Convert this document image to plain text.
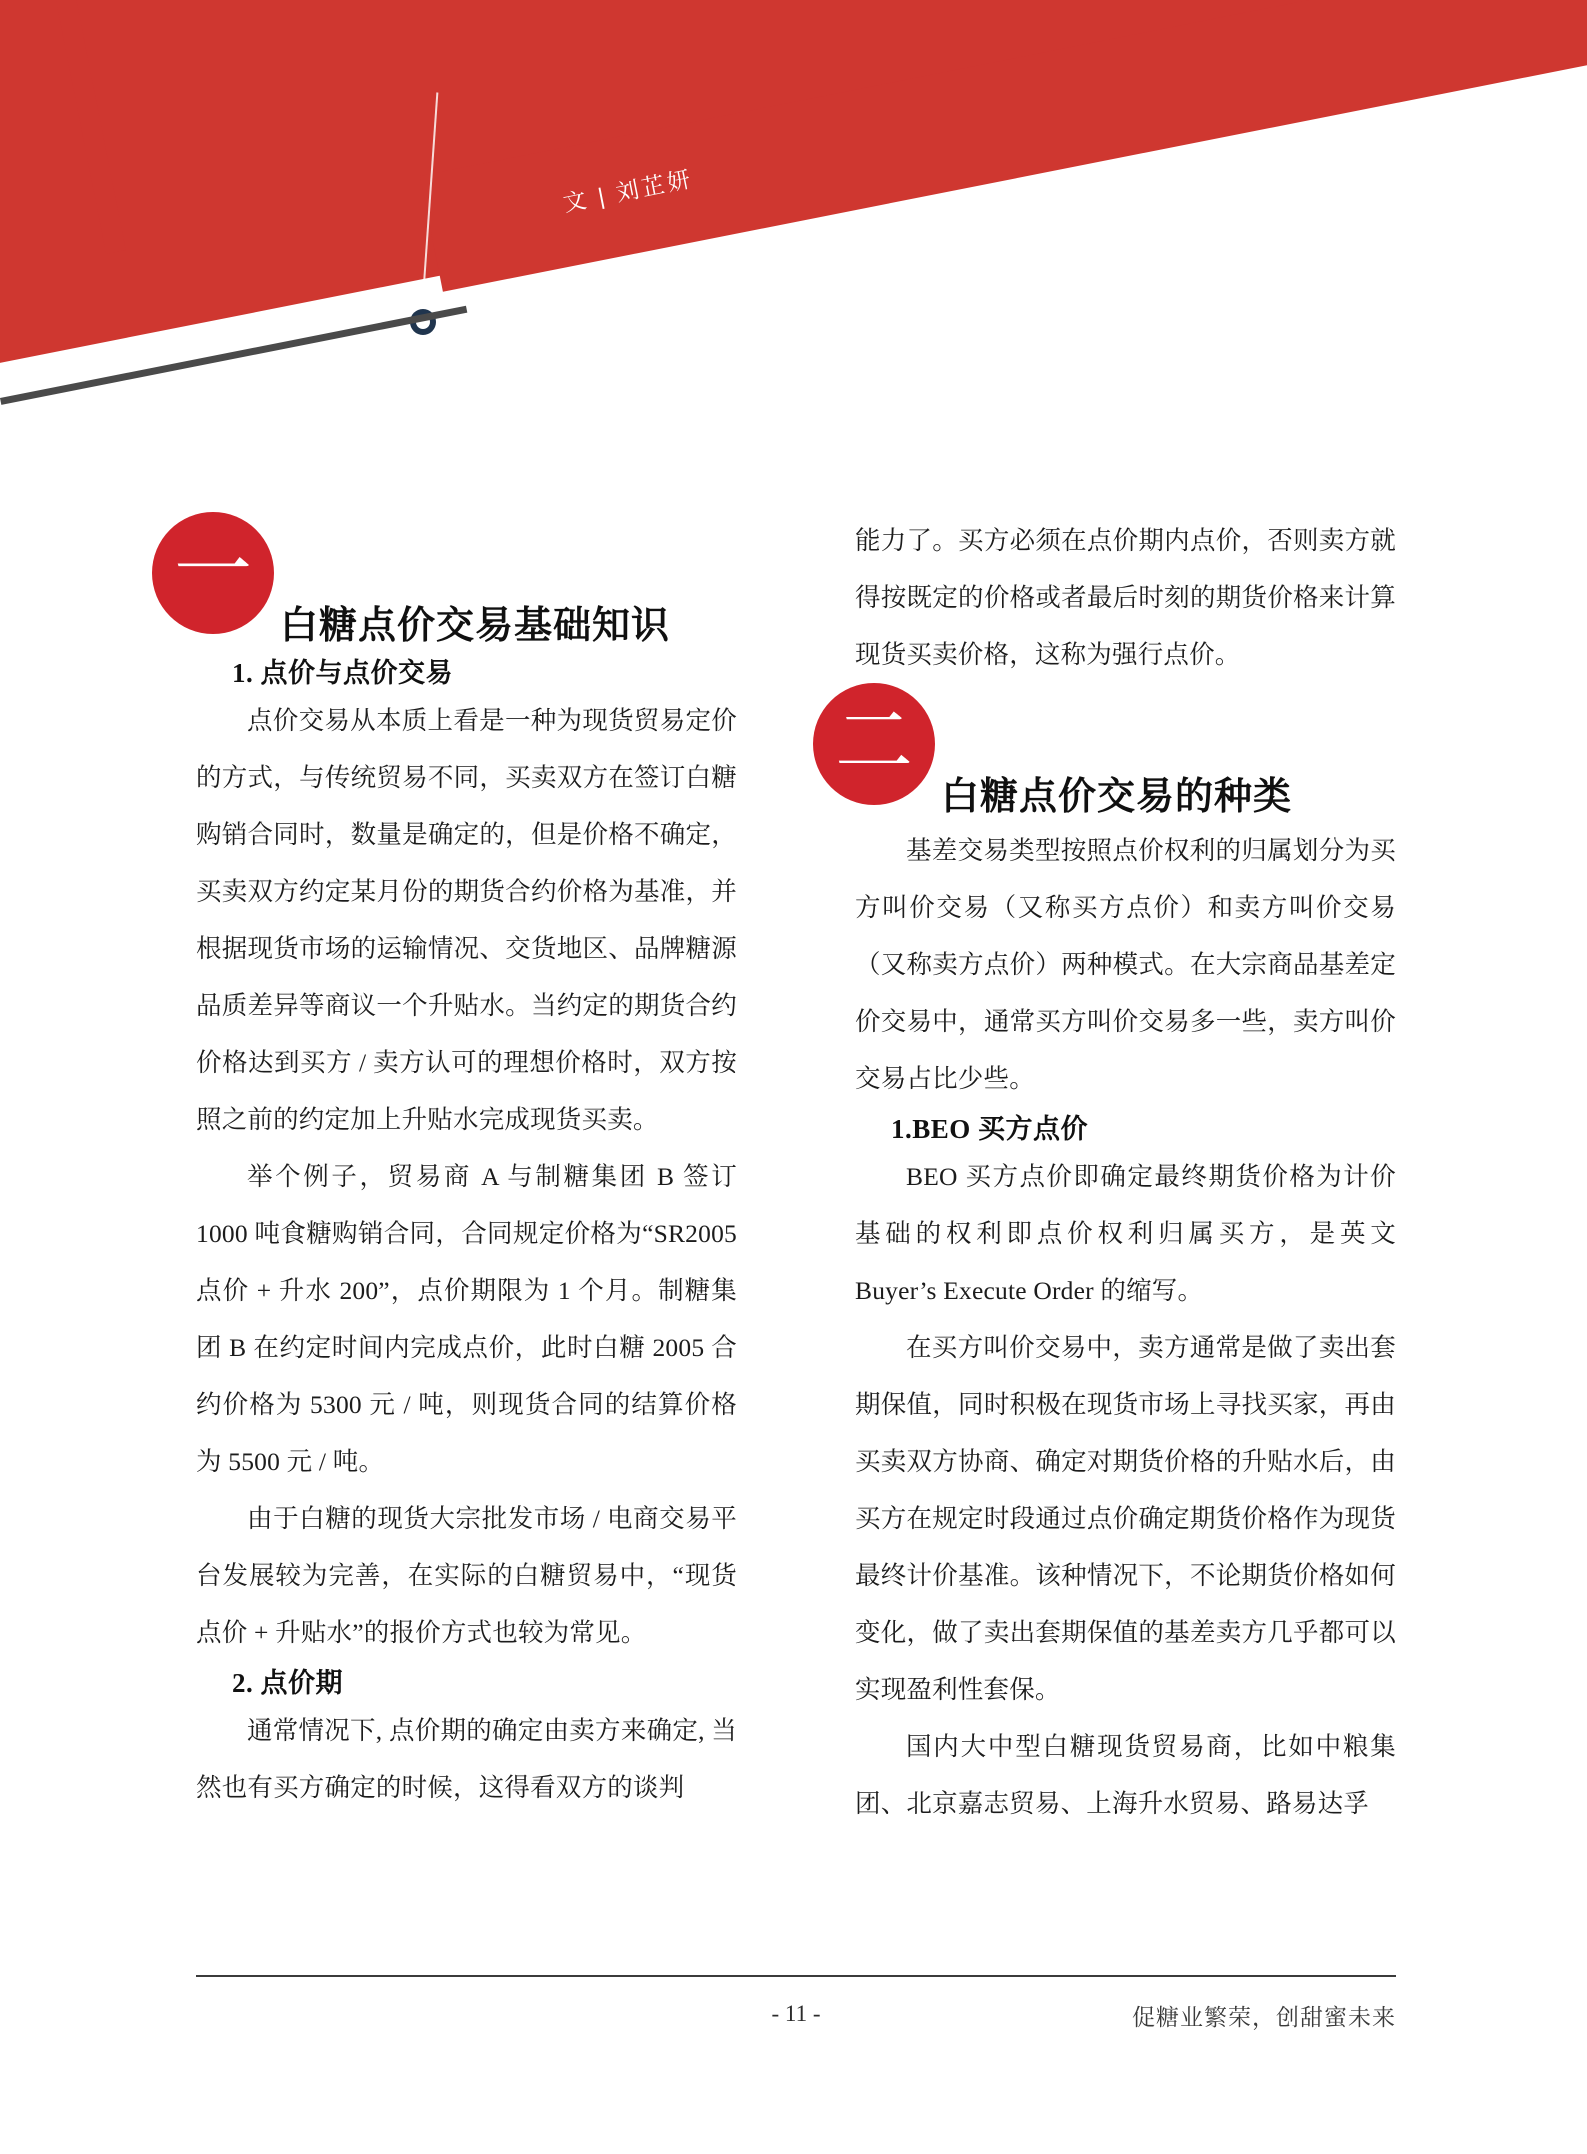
文 | 刘芷妍
一
白糖点价交易基础知识
1. 点价与点价交易

点价交易从本质上看是一种为现货贸易定价的方式，与传统贸易不同，买卖双方在签订白糖购销合同时，数量是确定的，但是价格不确定，买卖双方约定某月份的期货合约价格为基准，并根据现货市场的运输情况、交货地区、品牌糖源品质差异等商议一个升贴水。当约定的期货合约价格达到买方 / 卖方认可的理想价格时，双方按照之前的约定加上升贴水完成现货买卖。

举个例子，贸易商 A 与制糖集团 B 签订 1000 吨食糖购销合同，合同规定价格为“SR2005 点价 + 升水 200”，点价期限为 1 个月。制糖集团 B 在约定时间内完成点价，此时白糖 2005 合约价格为 5300 元 / 吨，则现货合同的结算价格为 5500 元 / 吨。

由于白糖的现货大宗批发市场 / 电商交易平台发展较为完善，在实际的白糖贸易中，“现货点价 + 升贴水”的报价方式也较为常见。

2. 点价期

通常情况下, 点价期的确定由卖方来确定, 当然也有买方确定的时候，这得看双方的谈判

能力了。买方必须在点价期内点价，否则卖方就得按既定的价格或者最后时刻的期货价格来计算现货买卖价格，这称为强行点价。

二
白糖点价交易的种类

基差交易类型按照点价权利的归属划分为买方叫价交易（又称买方点价）和卖方叫价交易（又称卖方点价）两种模式。在大宗商品基差定价交易中，通常买方叫价交易多一些，卖方叫价交易占比少些。

1.BEO 买方点价

BEO 买方点价即确定最终期货价格为计价基础的权利即点价权利归属买方，是英文 Buyer’s Execute Order 的缩写。

在买方叫价交易中，卖方通常是做了卖出套期保值，同时积极在现货市场上寻找买家，再由买卖双方协商、确定对期货价格的升贴水后，由买方在规定时段通过点价确定期货价格作为现货最终计价基准。该种情况下，不论期货价格如何变化，做了卖出套期保值的基差卖方几乎都可以实现盈利性套保。

国内大中型白糖现货贸易商，比如中粮集团、北京嘉志贸易、上海升水贸易、路易达孚

- 11 -	促糖业繁荣，创甜蜜未来
